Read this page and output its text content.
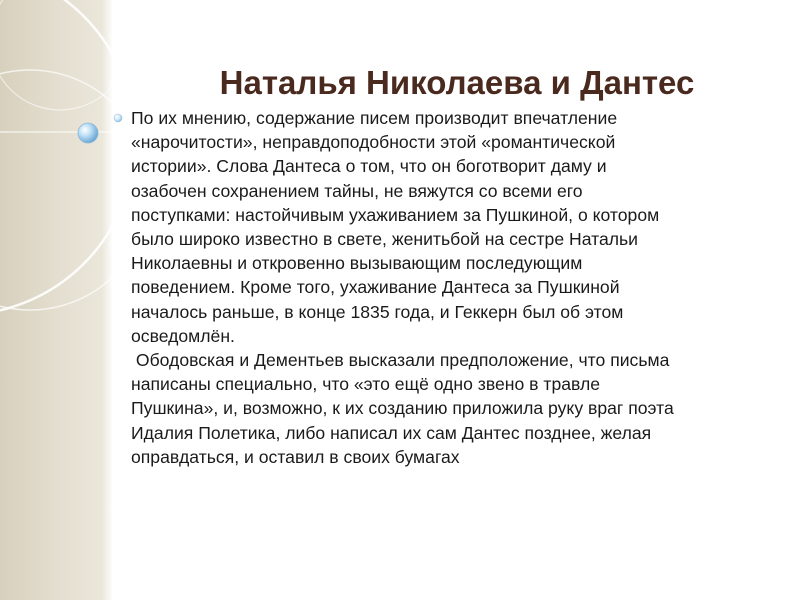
Наталья Николаева и Дантес

По их мнению, содержание писем производит впечатление
«нарочитости», неправдоподобности этой «романтической
истории». Слова Дантеса о том, что он боготворит даму и
озабочен сохранением тайны, не вяжутся со всеми его
поступками: настойчивым ухаживанием за Пушкиной, о котором
было широко известно в свете, женитьбой на сестре Натальи
Николаевны и откровенно вызывающим последующим
поведением. Кроме того, ухаживание Дантеса за Пушкиной
началось раньше, в конце 1835 года, и Геккерн был об этом
осведомлён.

Ободовская и Дементьев высказали предположение, что письма
написаны специально, что «это ещё одно звено в травле
Пушкина», и, возможно, к их созданию приложила руку враг поэта
Идалия Полетика, либо написал их сам Дантес позднее, желая
оправдаться, и оставил в своих бумагах
